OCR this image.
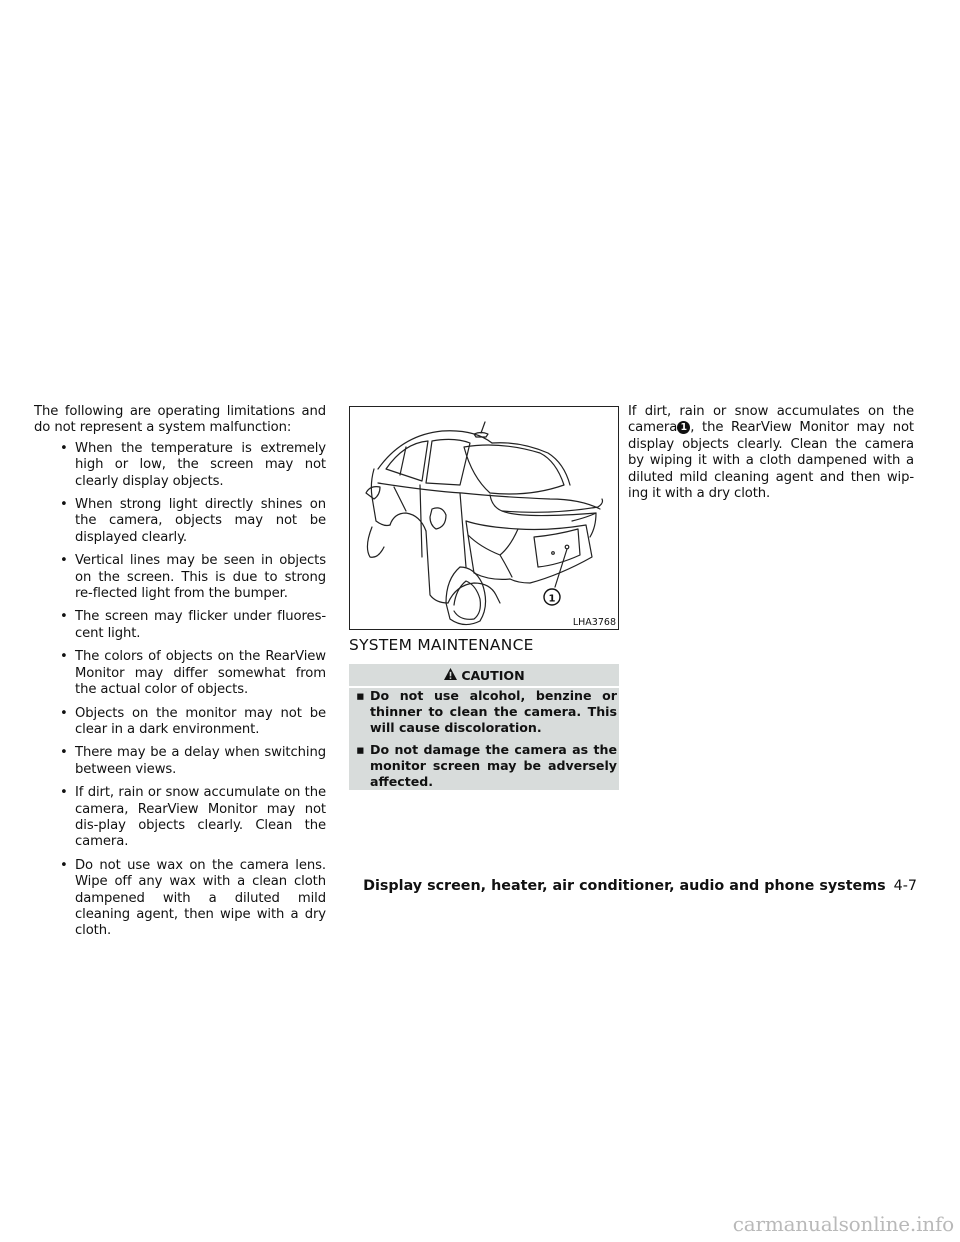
The following are operating limitations and do not represent a system malfunction:
• When the temperature is extremely high or low, the screen may not clearly display objects.
• When strong light directly shines on the camera, objects may not be displayed clearly.
• Vertical lines may be seen in objects on the screen. This is due to strong re-flected light from the bumper.
• The screen may flicker under fluores-cent light.
• The colors of objects on the RearView Monitor may differ somewhat from the actual color of objects.
• Objects on the monitor may not be clear in a dark environment.
• There may be a delay when switching between views.
• If dirt, rain or snow accumulate on the camera, RearView Monitor may not dis-play objects clearly. Clean the camera.
• Do not use wax on the camera lens. Wipe off any wax with a clean cloth dampened with a diluted mild cleaning agent, then wipe with a dry cloth.
1
LHA3768
SYSTEM MAINTENANCE
CAUTION
▪ Do not use alcohol, benzine or thinner to clean the camera. This will cause discoloration.
▪ Do not damage the camera as the monitor screen may be adversely affected.
If dirt, rain or snow accumulates on the camera 1 , the RearView Monitor may not display objects clearly. Clean the camera by wiping it with a cloth dampened with a diluted mild cleaning agent and then wip-ing it with a dry cloth.
Display screen, heater, air conditioner, audio and phone systems 4-7
carmanualsonline.info
